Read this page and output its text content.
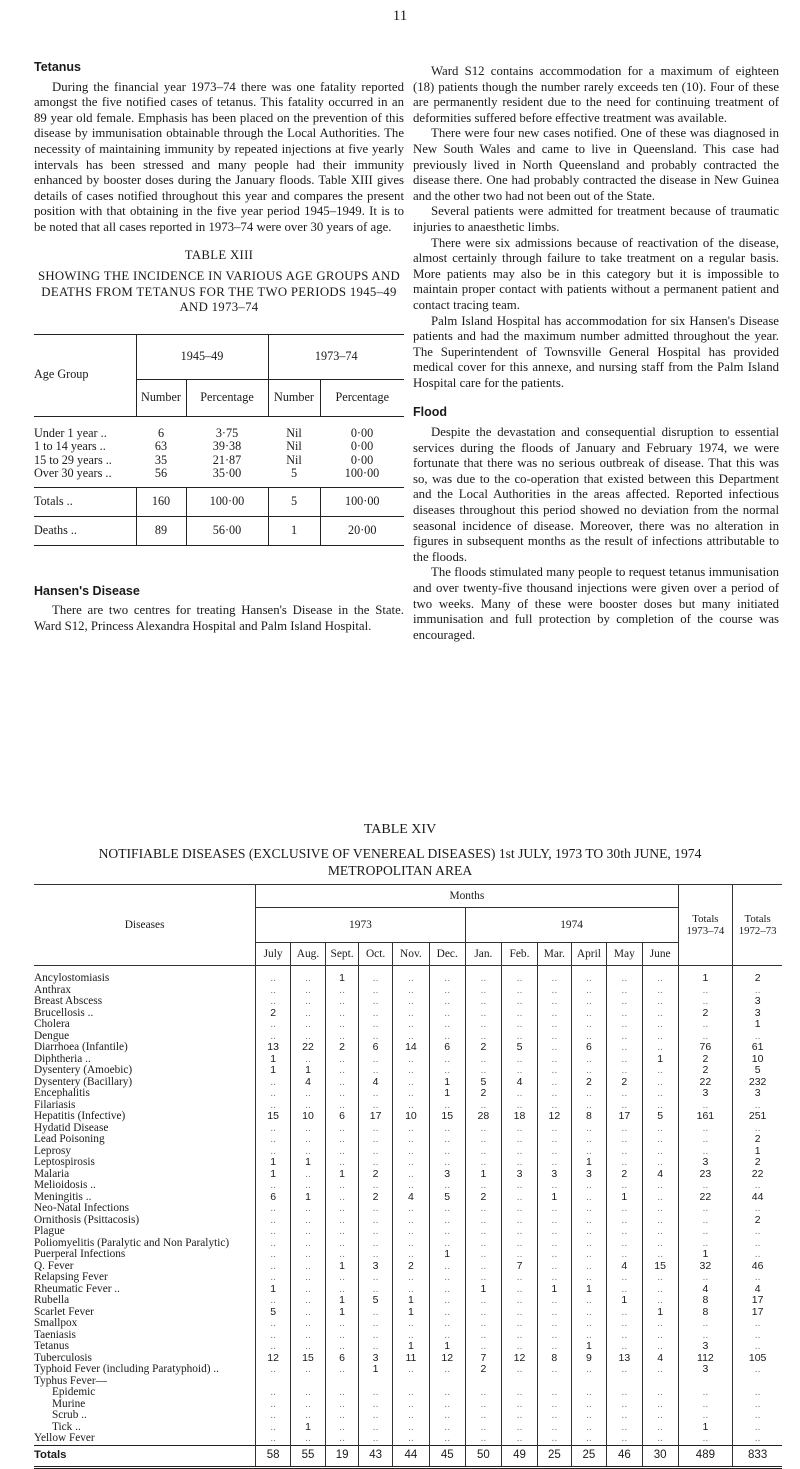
11
Tetanus

During the financial year 1973–74 there was one fatality reported amongst the five notified cases of tetanus. This fatality occurred in an 89 year old female. Emphasis has been placed on the prevention of this disease by immunisation obtainable through the Local Authorities. The necessity of maintaining immunity by repeated injections at five yearly intervals has been stressed and many people had their immunity enhanced by booster doses during the January floods. Table XIII gives details of cases notified throughout this year and compares the present position with that obtaining in the five year period 1945–1949. It is to be noted that all cases reported in 1973–74 were over 30 years of age.

TABLE XIII
SHOWING THE INCIDENCE IN VARIOUS AGE GROUPS AND DEATHS FROM TETANUS FOR THE TWO PERIODS 1945–49 AND 1973–74
Age Group	1945–49		1973–74	
	Number	Percentage	Number	Percentage

Under 1 year ..	6	3·75	Nil	0·00
1 to 14 years ..	63	39·38	Nil	0·00
15 to 29 years ..	35	21·87	Nil	0·00
Over 30 years ..	56	35·00	5	100·00

Totals ..	160	100·00	5	100·00
Deaths ..	89	56·00	1	20·00
Hansen's Disease

There are two centres for treating Hansen's Disease in the State. Ward S12, Princess Alexandra Hospital and Palm Island Hospital.

Ward S12 contains accommodation for a maximum of eighteen (18) patients though the number rarely exceeds ten (10). Four of these are permanently resident due to the need for continuing treatment of deformities suffered before effective treatment was available.

There were four new cases notified. One of these was diagnosed in New South Wales and came to live in Queensland. This case had previously lived in North Queensland and probably contracted the disease there. One had probably contracted the disease in New Guinea and the other two had not been out of the State.

Several patients were admitted for treatment because of traumatic injuries to anaesthetic limbs.

There were six admissions because of reactivation of the disease, almost certainly through failure to take treatment on a regular basis. More patients may also be in this category but it is impossible to maintain proper contact with patients without a permanent patient and contact tracing team.

Palm Island Hospital has accommodation for six Hansen's Disease patients and had the maximum number admitted throughout the year. The Superintendent of Townsville General Hospital has provided medical cover for this annexe, and nursing staff from the Palm Island Hospital care for the patients.

Flood

Despite the devastation and consequential disruption to essential services during the floods of January and February 1974, we were fortunate that there was no serious outbreak of disease. That this was so, was due to the co-operation that existed between this Department and the Local Authorities in the areas affected. Reported infectious diseases throughout this period showed no deviation from the normal seasonal incidence of disease. Moreover, there was no alteration in figures in subsequent months as the result of infections attributable to the floods.

The floods stimulated many people to request tetanus immunisation and over twenty-five thousand injections were given over a period of two weeks. Many of these were booster doses but many initiated immunisation and full protection by completion of the course was encouraged.

TABLE XIV
NOTIFIABLE DISEASES (EXCLUSIVE OF VENEREAL DISEASES) 1st JULY, 1973 TO 30th JUNE, 1974
METROPOLITAN AREA
Diseases	Months												Totals 1973–74	Totals 1972–73
	1973						1974							
	July	Aug.	Sept.	Oct.	Nov.	Dec.	Jan.	Feb.	Mar.	April	May	June		
Ancylostomiasis	..	..	1	..	..	..	..	..	..	..	..	..	1	2
Anthrax	..	..	..	..	..	..	..	..	..	..	..	..	..	..
Breast Abscess	..	..	..	..	..	..	..	..	..	..	..	..	..	3
Brucellosis ..	2	..	..	..	..	..	..	..	..	..	..	..	2	3
Cholera	..	..	..	..	..	..	..	..	..	..	..	..	..	1
Dengue	..	..	..	..	..	..	..	..	..	..	..	..	..	..
Diarrhoea (Infantile)	13	22	2	6	14	6	2	5	..	6	..	..	76	61
Diphtheria ..	1	..	..	..	..	..	..	..	..	..	..	1	2	10
Dysentery (Amoebic)	1	1	..	..	..	..	..	..	..	..	..	..	2	5
Dysentery (Bacillary)	..	4	..	4	..	1	5	4	..	2	2	..	22	232
Encephalitis	..	..	..	..	..	1	2	..	..	..	..	..	3	3
Filariasis	..	..	..	..	..	..	..	..	..	..	..	..	..	..
Hepatitis (Infective)	15	10	6	17	10	15	28	18	12	8	17	5	161	251
Hydatid Disease	..	..	..	..	..	..	..	..	..	..	..	..	..	..
Lead Poisoning	..	..	..	..	..	..	..	..	..	..	..	..	..	2
Leprosy	..	..	..	..	..	..	..	..	..	..	..	..	..	1
Leptospirosis	1	1	..	..	..	..	..	..	..	1	..	..	3	2
Malaria	1	..	1	2	..	3	1	3	3	3	2	4	23	22
Melioidosis ..	..	..	..	..	..	..	..	..	..	..	..	..	..	..
Meningitis ..	6	1	..	2	4	5	2	..	1	..	1	..	22	44
Neo-Natal Infections	..	..	..	..	..	..	..	..	..	..	..	..	..	..
Ornithosis (Psittacosis)	..	..	..	..	..	..	..	..	..	..	..	..	..	2
Plague	..	..	..	..	..	..	..	..	..	..	..	..	..	..
Poliomyelitis (Paralytic and Non Paralytic)	..	..	..	..	..	..	..	..	..	..	..	..	..	..
Puerperal Infections	..	..	..	..	..	1	..	..	..	..	..	..	1	..
Q. Fever	..	..	1	3	2	..	..	7	..	..	4	15	32	46
Relapsing Fever	..	..	..	..	..	..	..	..	..	..	..	..	..	..
Rheumatic Fever ..	1	..	..	..	..	..	1	..	1	1	..	..	4	4
Rubella	..	..	1	5	1	..	..	..	..	..	1	..	8	17
Scarlet Fever	5	..	1	..	1	..	..	..	..	..	..	1	8	17
Smallpox	..	..	..	..	..	..	..	..	..	..	..	..	..	..
Taeniasis	..	..	..	..	..	..	..	..	..	..	..	..	..	..
Tetanus	..	..	..	..	1	1	..	..	..	1	..	..	3	..
Tuberculosis	12	15	6	3	11	12	7	12	8	9	13	4	112	105
Typhoid Fever (including Paratyphoid) ..	..	..	..	1	..	..	2	..	..	..	..	..	3	..
Typhus Fever—														
Epidemic	..	..	..	..	..	..	..	..	..	..	..	..	..	..
Murine	..	..	..	..	..	..	..	..	..	..	..	..	..	..
Scrub ..	..	..	..	..	..	..	..	..	..	..	..	..	..	..
Tick ..	..	1	..	..	..	..	..	..	..	..	..	..	1	..
Yellow Fever	..	..	..	..	..	..	..	..	..	..	..	..	..	..
Totals	58	55	19	43	44	45	50	49	25	25	46	30	489	833
